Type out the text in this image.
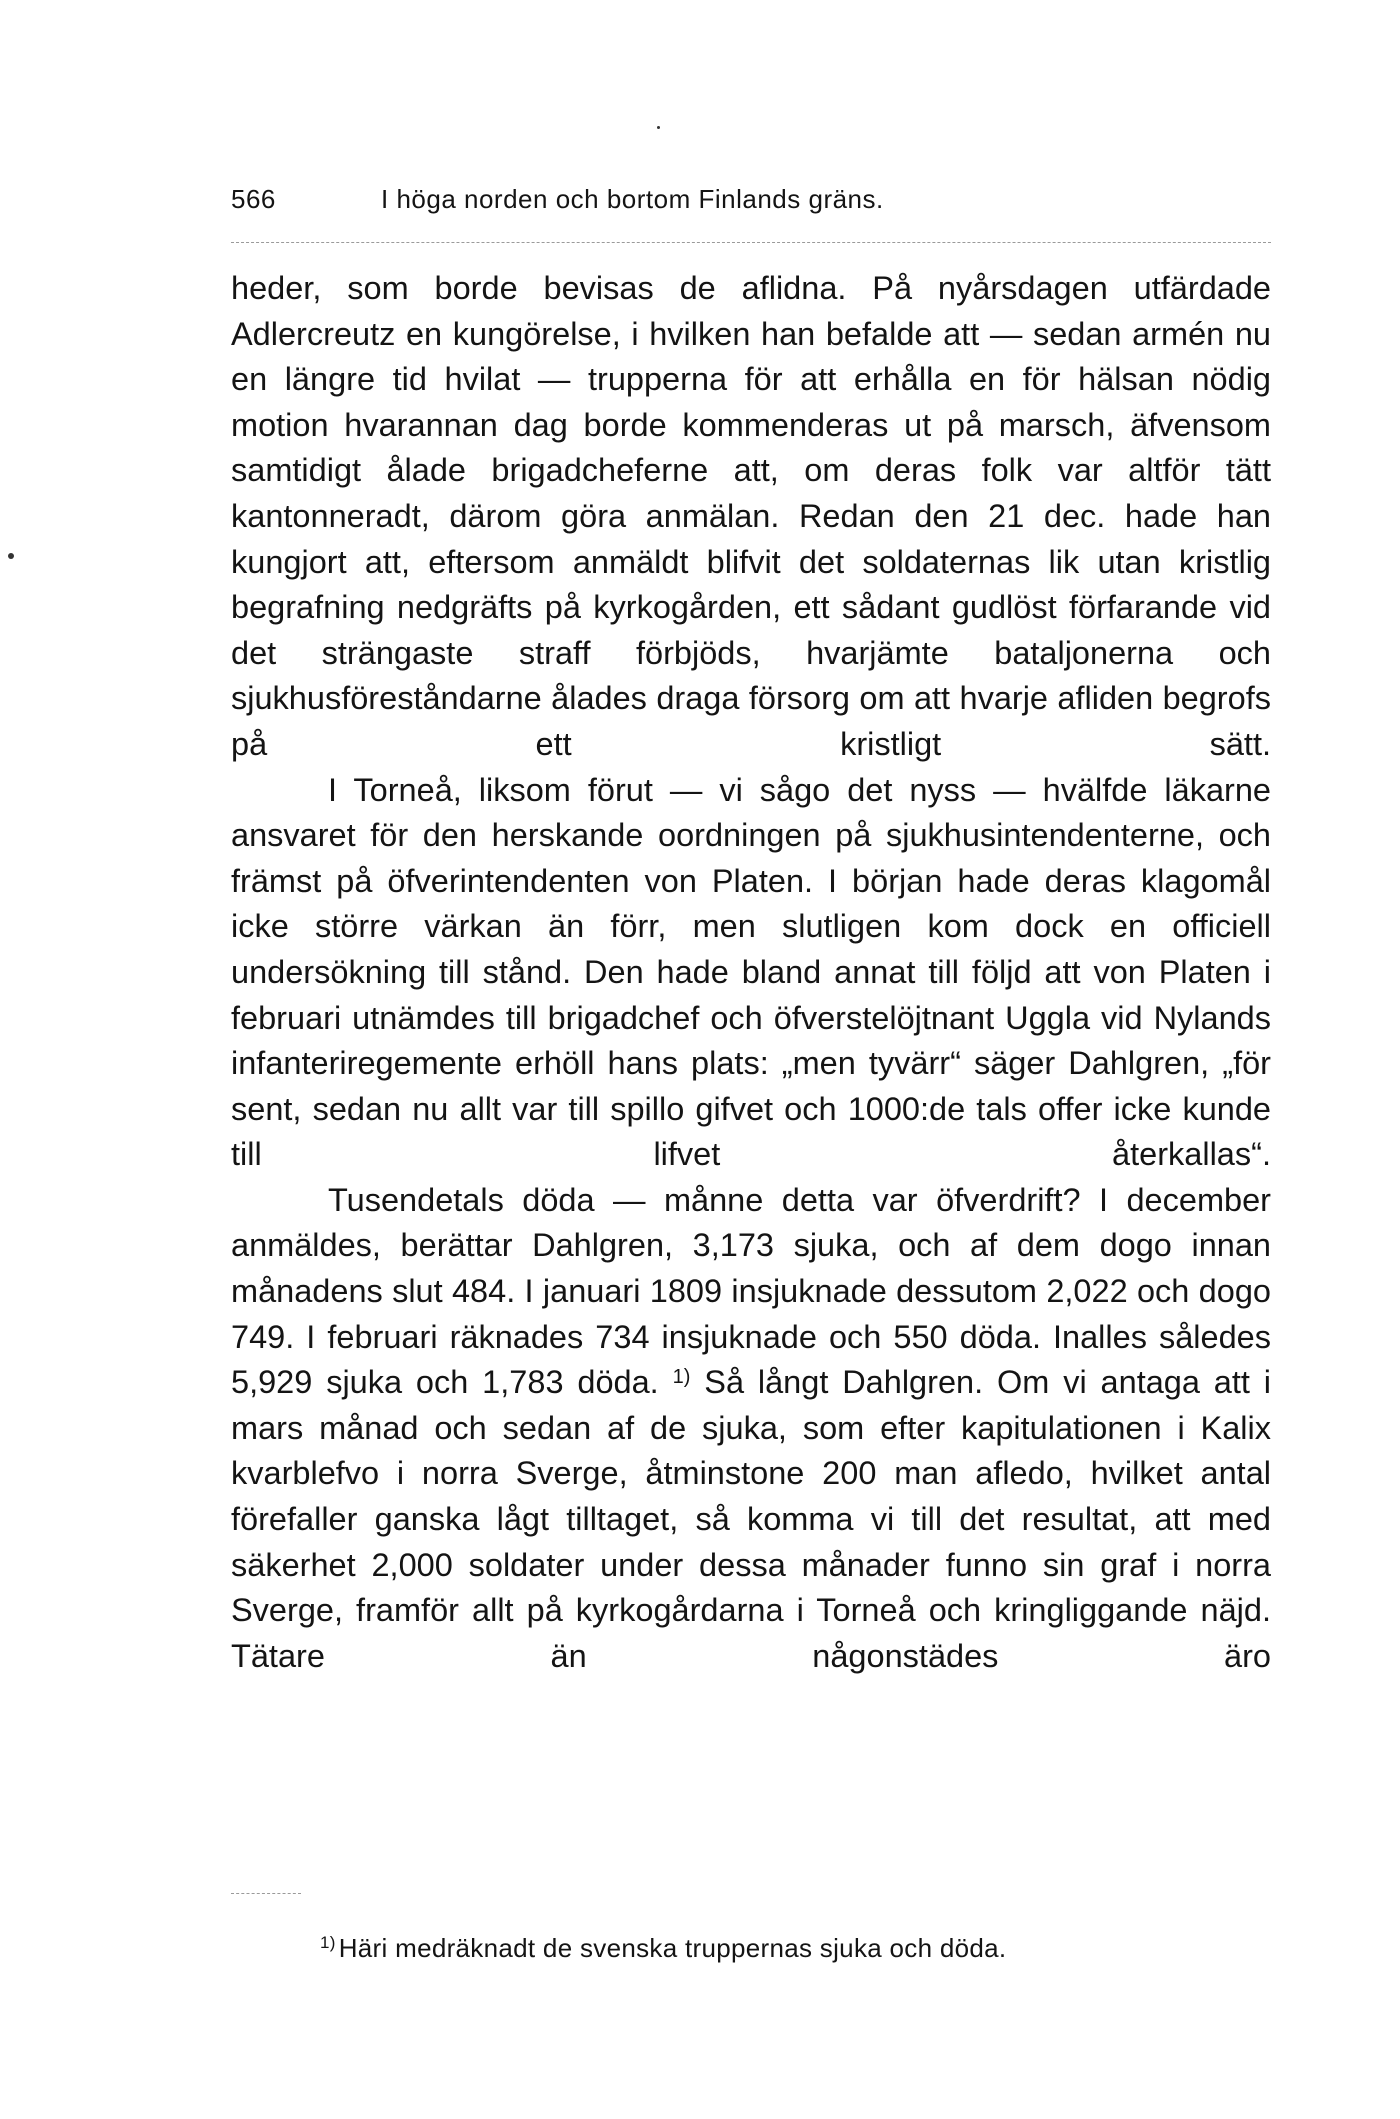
566	I höga norden och bortom Finlands gräns.

heder, som borde bevisas de aflidna. På nyårsdagen utfärdade Adlercreutz en kungörelse, i hvilken han befalde att — sedan armén nu en längre tid hvilat — trupperna för att erhålla en för hälsan nödig motion hvarannan dag borde kommenderas ut på marsch, äfvensom samtidigt ålade brigadcheferne att, om deras folk var altför tätt kantonneradt, därom göra anmälan. Redan den 21 dec. hade han kungjort att, eftersom anmäldt blifvit det soldaternas lik utan kristlig begrafning nedgräfts på kyrkogården, ett sådant gudlöst förfarande vid det strängaste straff förbjöds, hvarjämte bataljonerna och sjukhusföreståndarne ålades draga försorg om att hvarje afliden begrofs på ett kristligt sätt.

I Torneå, liksom förut — vi sågo det nyss — hvälfde läkarne ansvaret för den herskande oordningen på sjukhusintendenterne, och främst på öfverintendenten von Platen. I början hade deras klagomål icke större värkan än förr, men slutligen kom dock en officiell undersökning till stånd. Den hade bland annat till följd att von Platen i februari utnämdes till brigadchef och öfverstelöjtnant Uggla vid Nylands infanteriregemente erhöll hans plats: „men tyvärr“ säger Dahlgren, „för sent, sedan nu allt var till spillo gifvet och 1000:de tals offer icke kunde till lifvet återkallas“.

Tusendetals döda — månne detta var öfverdrift? I december anmäldes, berättar Dahlgren, 3,173 sjuka, och af dem dogo innan månadens slut 484. I januari 1809 insjuknade dessutom 2,022 och dogo 749. I februari räknades 734 insjuknade och 550 döda. Inalles således 5,929 sjuka och 1,783 döda. $^{1)}$ Så långt Dahlgren. Om vi antaga att i mars månad och sedan af de sjuka, som efter kapitulationen i Kalix kvarblefvo i norra Sverge, åtminstone 200 man afledo, hvilket antal förefaller ganska lågt tilltaget, så komma vi till det resultat, att med säkerhet 2,000 soldater under dessa månader funno sin graf i norra Sverge, framför allt på kyrkogårdarna i Torneå och kringliggande näjd. Tätare än någonstädes äro

$^{1)}$ Häri medräknadt de svenska truppernas sjuka och döda.
